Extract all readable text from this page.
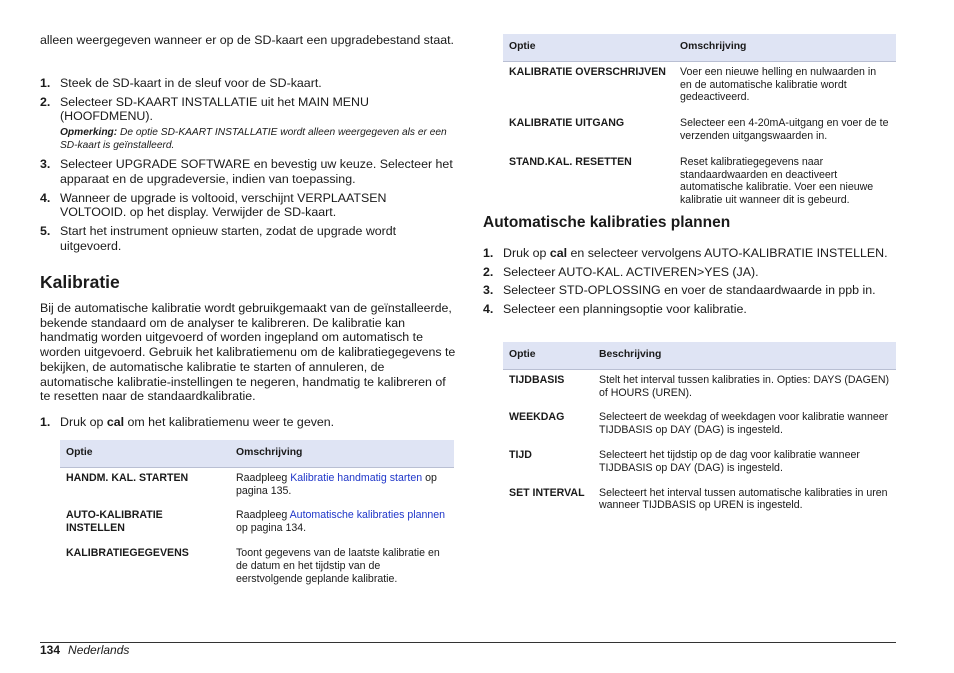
alleen weergegeven wanneer er op de SD-kaart een upgradebestand staat.

1. Steek de SD-kaart in de sleuf voor de SD-kaart.
2. Selecteer SD-KAART INSTALLATIE uit het MAIN MENU (HOOFDMENU).

Opmerking: De optie SD-KAART INSTALLATIE wordt alleen weergegeven als er een SD-kaart is geïnstalleerd.

3. Selecteer UPGRADE SOFTWARE en bevestig uw keuze. Selecteer het apparaat en de upgradeversie, indien van toepassing.
4. Wanneer de upgrade is voltooid, verschijnt VERPLAATSEN VOLTOOID. op het display. Verwijder de SD-kaart.
5. Start het instrument opnieuw starten, zodat de upgrade wordt uitgevoerd.
Kalibratie

Bij de automatische kalibratie wordt gebruikgemaakt van de geïnstalleerde, bekende standaard om de analyser te kalibreren. De kalibratie kan handmatig worden uitgevoerd of worden ingepland om automatisch te worden uitgevoerd. Gebruik het kalibratiemenu om de kalibratiegegevens te bekijken, de automatische kalibratie te starten of annuleren, de automatische kalibratie-instellingen te negeren, handmatig te kalibreren of te resetten naar de standaardkalibratie.

1. Druk op cal om het kalibratiemenu weer te geven.
Optie	Omschrijving
HANDM. KAL. STARTEN	Raadpleeg Kalibratie handmatig starten op pagina 135.
AUTO-KALIBRATIE INSTELLEN	Raadpleeg Automatische kalibraties plannen op pagina 134.
KALIBRATIEGEGEVENS	Toont gegevens van de laatste kalibratie en de datum en het tijdstip van de eerstvolgende geplande kalibratie.
Optie	Omschrijving
KALIBRATIE OVERSCHRIJVEN	Voer een nieuwe helling en nulwaarden in en de automatische kalibratie wordt gedeactiveerd.
KALIBRATIE UITGANG	Selecteer een 4-20mA-uitgang en voer de te verzenden uitgangswaarden in.
STAND.KAL. RESETTEN	Reset kalibratiegegevens naar standaardwaarden en deactiveert automatische kalibratie. Voer een nieuwe kalibratie uit wanneer dit is gebeurd.
Automatische kalibraties plannen
1. Druk op cal en selecteer vervolgens AUTO-KALIBRATIE INSTELLEN.
2. Selecteer AUTO-KAL. ACTIVEREN>YES (JA).
3. Selecteer STD-OPLOSSING en voer de standaardwaarde in ppb in.
4. Selecteer een planningsoptie voor kalibratie.
Optie	Beschrijving
TIJDBASIS	Stelt het interval tussen kalibraties in. Opties: DAYS (DAGEN) of HOURS (UREN).
WEEKDAG	Selecteert de weekdag of weekdagen voor kalibratie wanneer TIJDBASIS op DAY (DAG) is ingesteld.
TIJD	Selecteert het tijdstip op de dag voor kalibratie wanneer TIJDBASIS op DAY (DAG) is ingesteld.
SET INTERVAL	Selecteert het interval tussen automatische kalibraties in uren wanneer TIJDBASIS op UREN is ingesteld.
134 Nederlands
